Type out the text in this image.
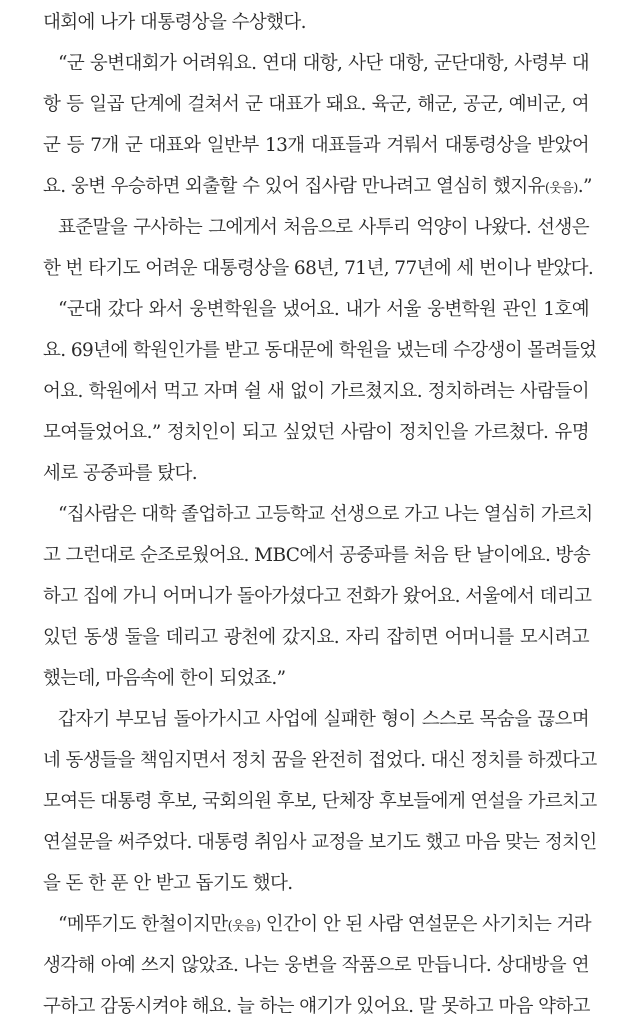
대회에 나가 대통령상을 수상했다.
“군 웅변대회가 어려워요. 연대 대항, 사단 대항, 군단대항, 사령부 대
항 등 일곱 단계에 걸쳐서 군 대표가 돼요. 육군, 해군, 공군, 예비군, 여
군 등 7개 군 대표와 일반부 13개 대표들과 겨뤄서 대통령상을 받았어
요. 웅변 우승하면 외출할 수 있어 집사람 만나려고 열심히 했지유(웃음).”
표준말을 구사하는 그에게서 처음으로 사투리 억양이 나왔다. 선생은
한 번 타기도 어려운 대통령상을 68년, 71년, 77년에 세 번이나 받았다.
“군대 갔다 와서 웅변학원을 냈어요. 내가 서울 웅변학원 관인 1호예
요. 69년에 학원인가를 받고 동대문에 학원을 냈는데 수강생이 몰려들었
어요. 학원에서 먹고 자며 쉴 새 없이 가르쳤지요. 정치하려는 사람들이
모여들었어요.” 정치인이 되고 싶었던 사람이 정치인을 가르쳤다. 유명
세로 공중파를 탔다.
“집사람은 대학 졸업하고 고등학교 선생으로 가고 나는 열심히 가르치
고 그런대로 순조로웠어요. MBC에서 공중파를 처음 탄 날이에요. 방송
하고 집에 가니 어머니가 돌아가셨다고 전화가 왔어요. 서울에서 데리고
있던 동생 둘을 데리고 광천에 갔지요. 자리 잡히면 어머니를 모시려고
했는데, 마음속에 한이 되었죠.”
갑자기 부모님 돌아가시고 사업에 실패한 형이 스스로 목숨을 끊으며
네 동생들을 책임지면서 정치 꿈을 완전히 접었다. 대신 정치를 하겠다고
모여든 대통령 후보, 국회의원 후보, 단체장 후보들에게 연설을 가르치고
연설문을 써주었다. 대통령 취임사 교정을 보기도 했고 마음 맞는 정치인
을 돈 한 푼 안 받고 돕기도 했다.
“메뚜기도 한철이지만(웃음) 인간이 안 된 사람 연설문은 사기치는 거라
생각해 아예 쓰지 않았죠. 나는 웅변을 작품으로 만듭니다. 상대방을 연
구하고 감동시켜야 해요. 늘 하는 얘기가 있어요. 말 못하고 마음 약하고
